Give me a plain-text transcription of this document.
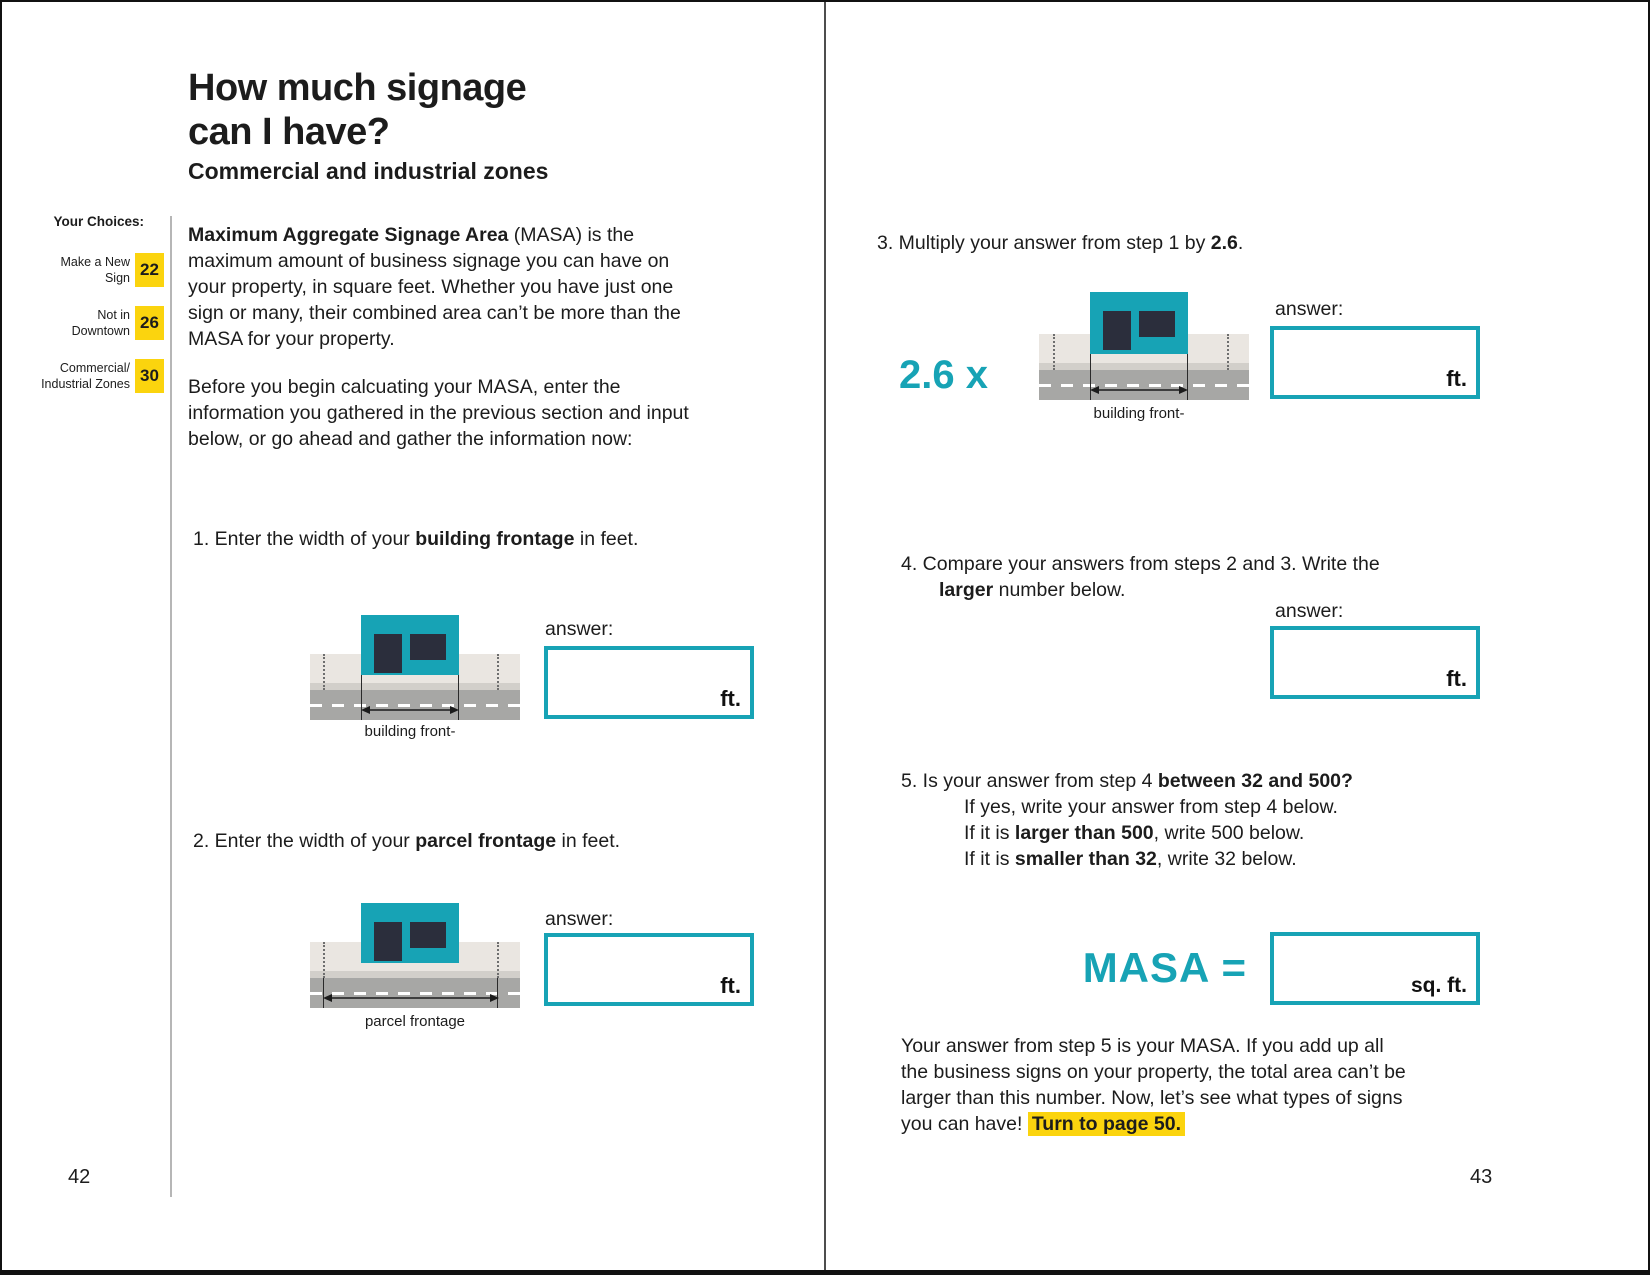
How much signage
can I have?
Commercial and industrial zones
Your Choices:
Make a New
Sign 22
Not in
Downtown 26
Commercial/
Industrial Zones 30
Maximum Aggregate Signage Area (MASA) is the
maximum amount of business signage you can have on
your property, in square feet. Whether you have just one
sign or many, their combined area can’t be more than the
MASA for your property.
Before you begin calcuating your MASA, enter the
information you gathered in the previous section and input
below, or go ahead and gather the information now:
1. Enter the width of your building frontage in feet.
building front-
answer:
ft.
2. Enter the width of your parcel frontage in feet.
parcel frontage
answer:
ft.
42
3. Multiply your answer from step 1 by 2.6.
2.6 x
building front-
answer:
ft.
4. Compare your answers from steps 2 and 3. Write the
larger number below.
answer:
ft.
5. Is your answer from step 4 between 32 and 500?
If yes, write your answer from step 4 below.
If it is larger than 500, write 500 below.
If it is smaller than 32, write 32 below.
MASA =	sq. ft.
Your answer from step 5 is your MASA. If you add up all
the business signs on your property, the total area can’t be
larger than this number. Now, let’s see what types of signs
you can have! Turn to page 50.
43
